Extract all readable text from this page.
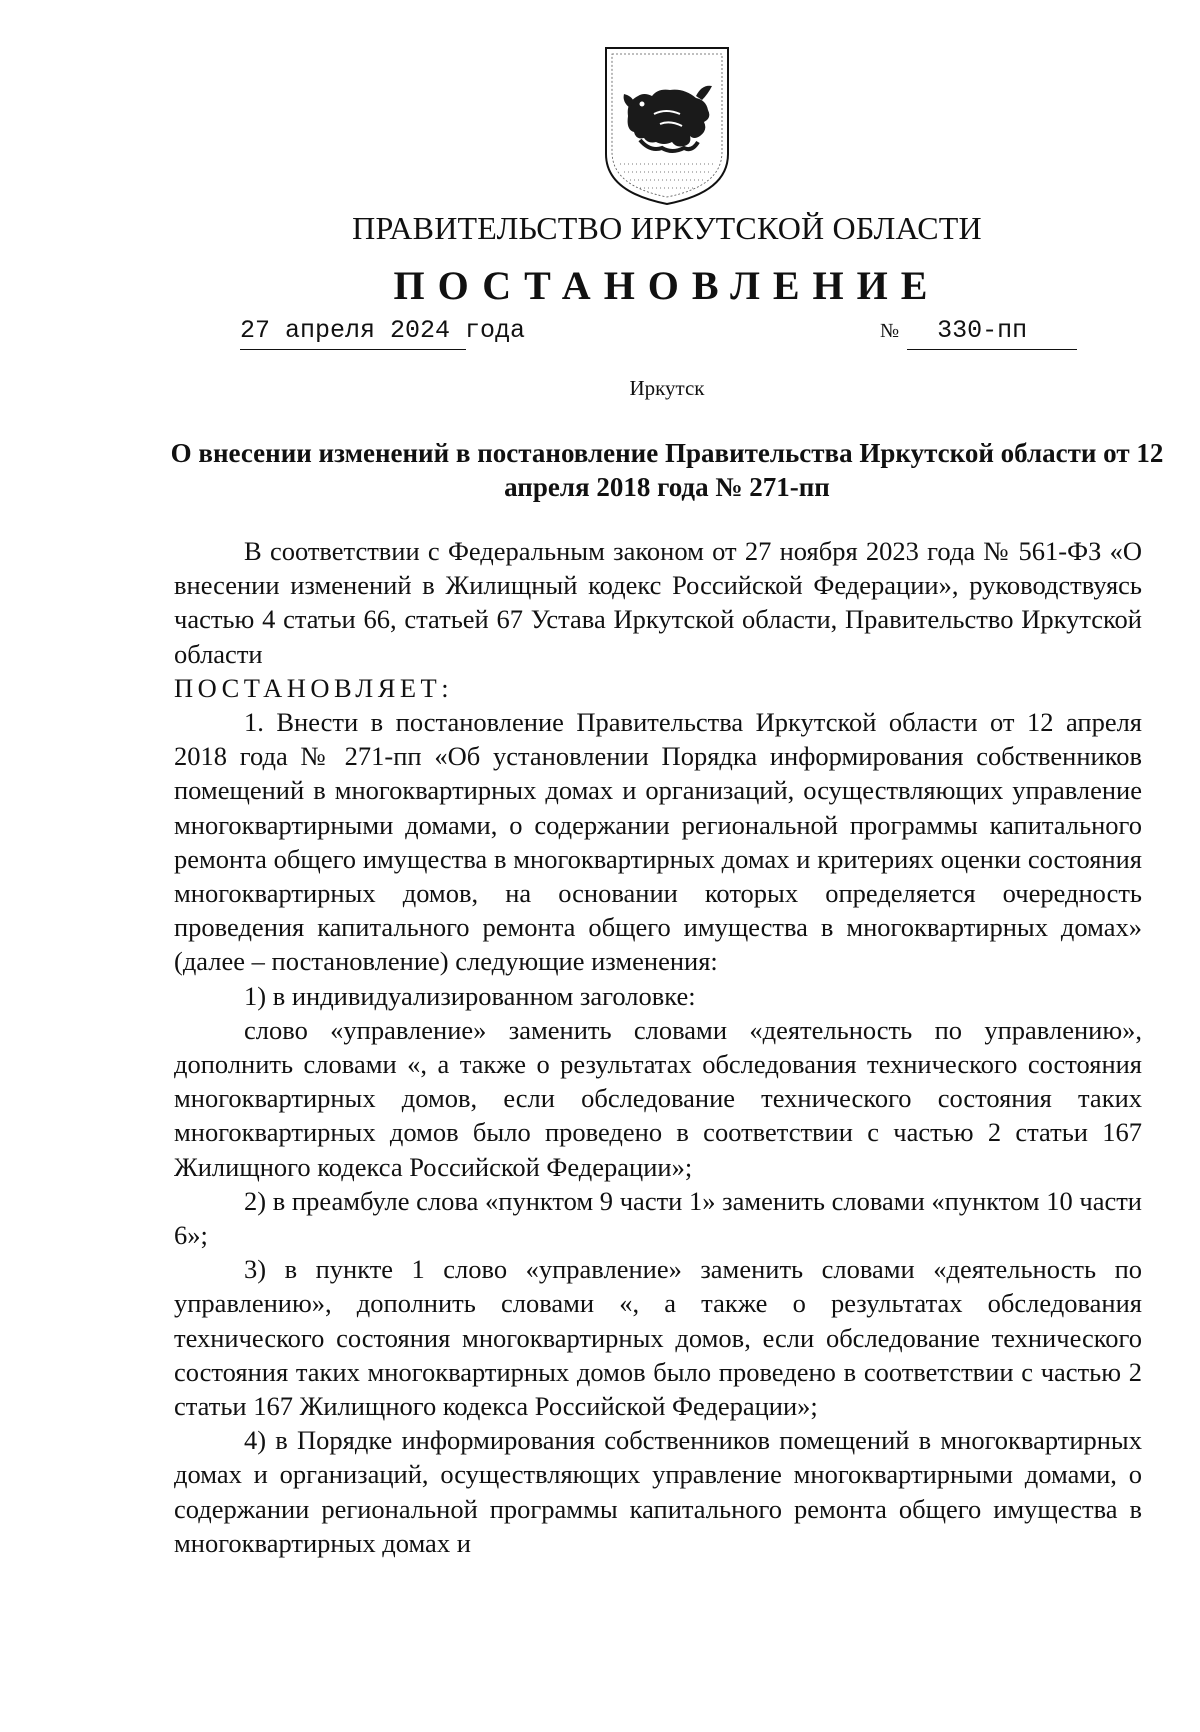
ПРАВИТЕЛЬСТВО ИРКУТСКОЙ ОБЛАСТИ
ПОСТАНОВЛЕНИЕ
27 апреля 2024 года	№ 330-пп
Иркутск
О внесении изменений в постановление Правительства Иркутской области от 12 апреля 2018 года № 271-пп

В соответствии с Федеральным законом от 27 ноября 2023 года № 561-ФЗ «О внесении изменений в Жилищный кодекс Российской Федерации», руководствуясь частью 4 статьи 66, статьей 67 Устава Иркутской области, Правительство Иркутской области

ПОСТАНОВЛЯЕТ:

1. Внести в постановление Правительства Иркутской области от 12 апреля 2018 года № 271-пп «Об установлении Порядка информирования собственников помещений в многоквартирных домах и организаций, осуществляющих управление многоквартирными домами, о содержании региональной программы капитального ремонта общего имущества в многоквартирных домах и критериях оценки состояния многоквартирных домов, на основании которых определяется очередность проведения капитального ремонта общего имущества в многоквартирных домах» (далее – постановление) следующие изменения:

1) в индивидуализированном заголовке:

слово «управление» заменить словами «деятельность по управлению», дополнить словами «, а также о результатах обследования технического состояния многоквартирных домов, если обследование технического состояния таких многоквартирных домов было проведено в соответствии с частью 2 статьи 167 Жилищного кодекса Российской Федерации»;

2) в преамбуле слова «пунктом 9 части 1» заменить словами «пунктом 10 части 6»;

3) в пункте 1 слово «управление» заменить словами «деятельность по управлению», дополнить словами «, а также о результатах обследования технического состояния многоквартирных домов, если обследование технического состояния таких многоквартирных домов было проведено в соответствии с частью 2 статьи 167 Жилищного кодекса Российской Федерации»;

4) в Порядке информирования собственников помещений в многоквартирных домах и организаций, осуществляющих управление многоквартирными домами, о содержании региональной программы капитального ремонта общего имущества в многоквартирных домах и
